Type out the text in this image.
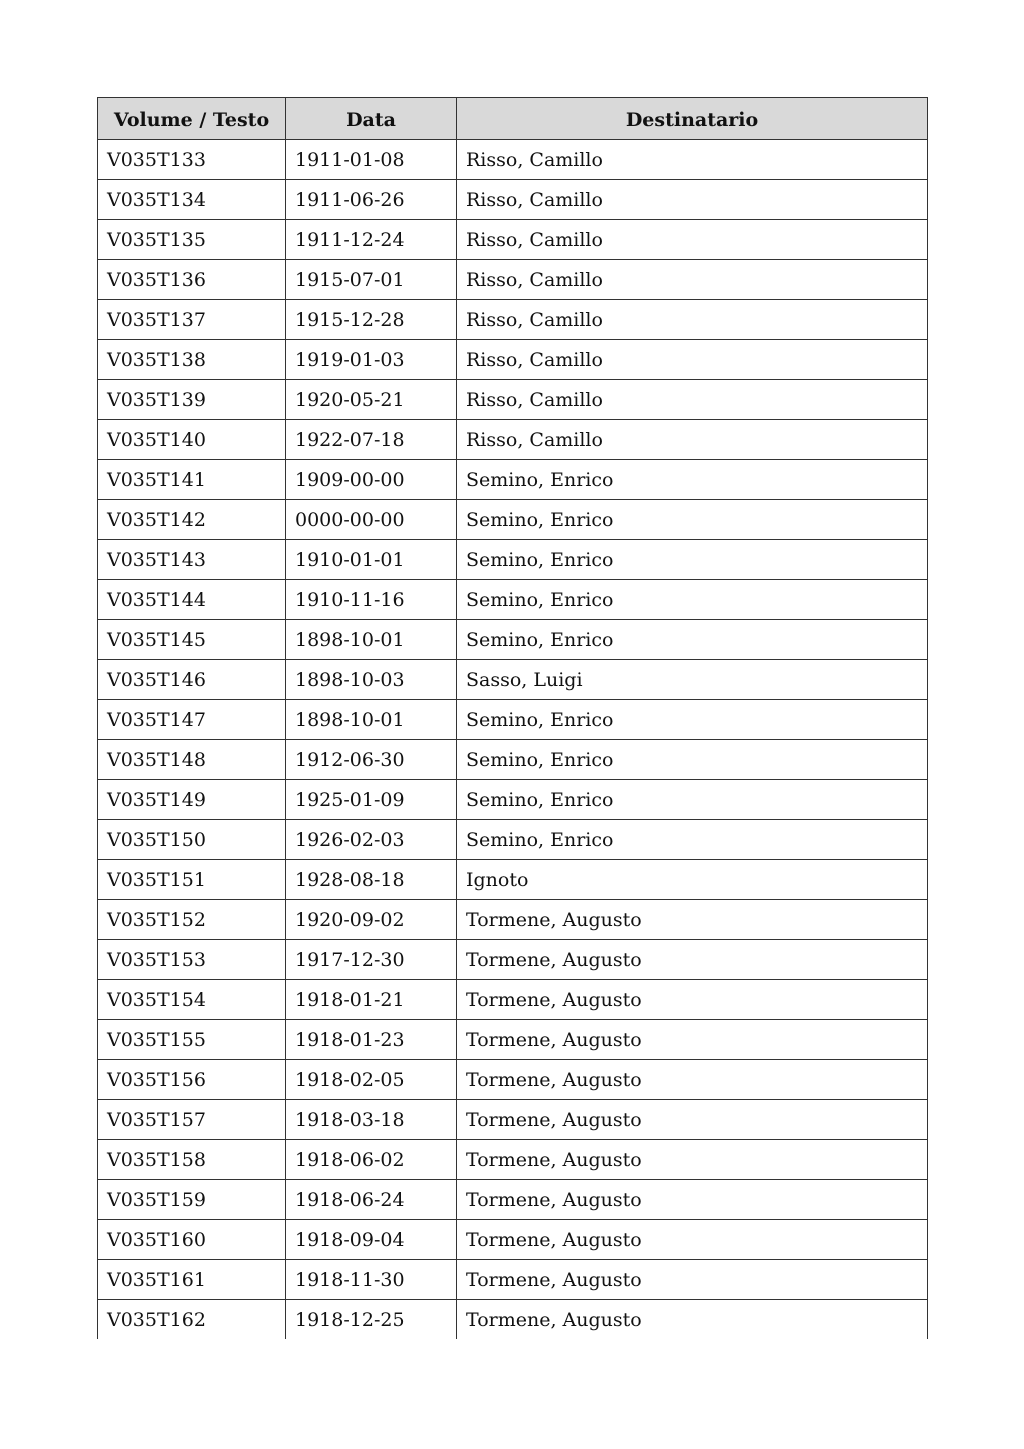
Volume / Testo	Data	Destinatario
V035T133	1911-01-08	Risso, Camillo
V035T134	1911-06-26	Risso, Camillo
V035T135	1911-12-24	Risso, Camillo
V035T136	1915-07-01	Risso, Camillo
V035T137	1915-12-28	Risso, Camillo
V035T138	1919-01-03	Risso, Camillo
V035T139	1920-05-21	Risso, Camillo
V035T140	1922-07-18	Risso, Camillo
V035T141	1909-00-00	Semino, Enrico
V035T142	0000-00-00	Semino, Enrico
V035T143	1910-01-01	Semino, Enrico
V035T144	1910-11-16	Semino, Enrico
V035T145	1898-10-01	Semino, Enrico
V035T146	1898-10-03	Sasso, Luigi
V035T147	1898-10-01	Semino, Enrico
V035T148	1912-06-30	Semino, Enrico
V035T149	1925-01-09	Semino, Enrico
V035T150	1926-02-03	Semino, Enrico
V035T151	1928-08-18	Ignoto
V035T152	1920-09-02	Tormene, Augusto
V035T153	1917-12-30	Tormene, Augusto
V035T154	1918-01-21	Tormene, Augusto
V035T155	1918-01-23	Tormene, Augusto
V035T156	1918-02-05	Tormene, Augusto
V035T157	1918-03-18	Tormene, Augusto
V035T158	1918-06-02	Tormene, Augusto
V035T159	1918-06-24	Tormene, Augusto
V035T160	1918-09-04	Tormene, Augusto
V035T161	1918-11-30	Tormene, Augusto
V035T162	1918-12-25	Tormene, Augusto
